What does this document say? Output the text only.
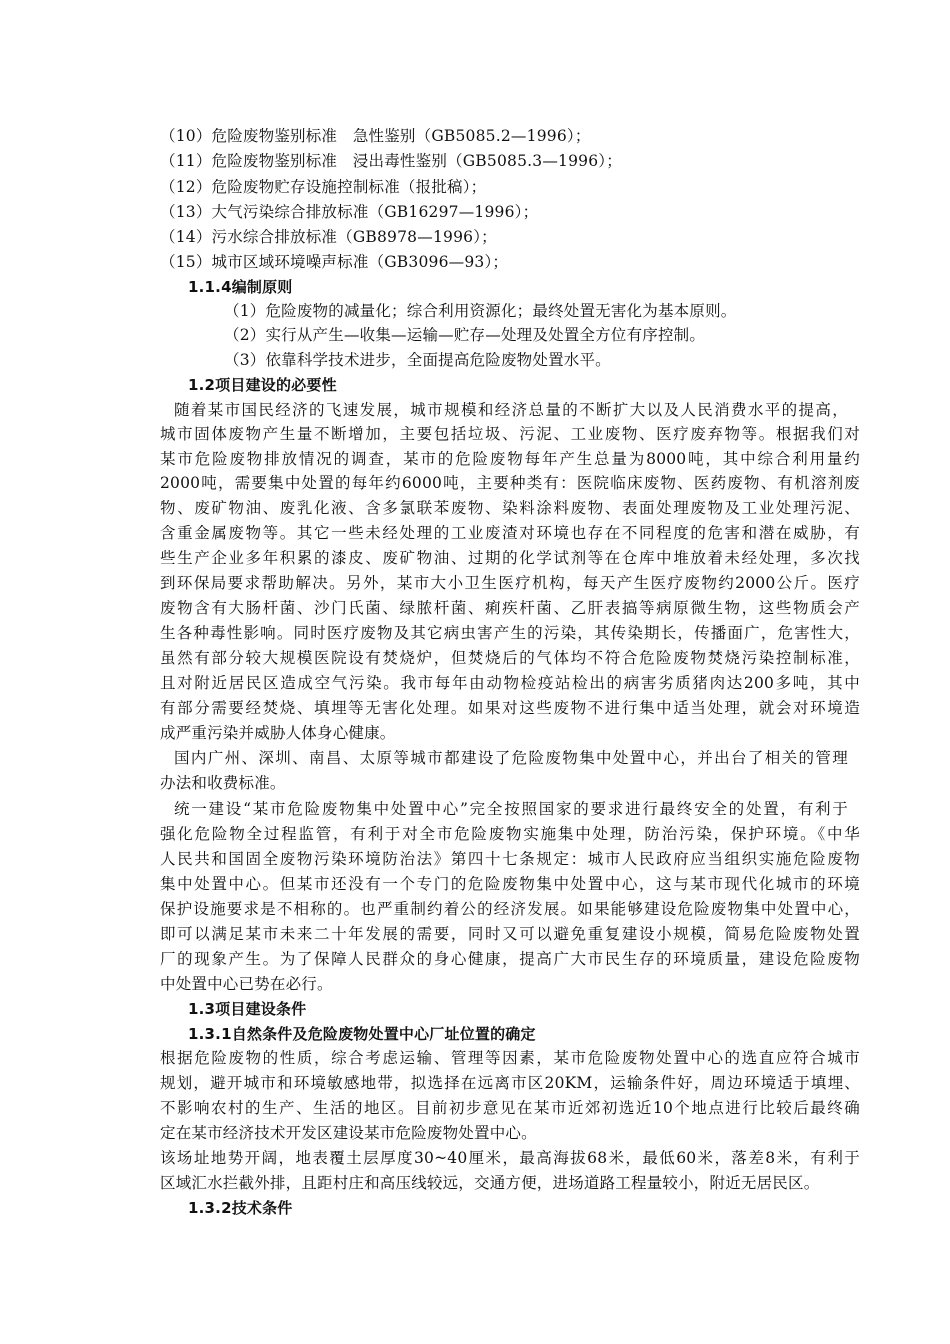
（10）危险废物鉴别标准　急性鉴别（GB5085.2—1996）；
（11）危险废物鉴别标准　浸出毒性鉴别（GB5085.3—1996）；
（12）危险废物贮存设施控制标准（报批稿）；
（13）大气污染综合排放标准（GB16297—1996）；
（14）污水综合排放标准（GB8978—1996）；
（15）城市区域环境噪声标准（GB3096—93）；
1.1.4编制原则
（1）危险废物的减量化；综合利用资源化；最终处置无害化为基本原则。
（2）实行从产生—收集—运输—贮存—处理及处置全方位有序控制。
（3）依靠科学技术进步，全面提高危险废物处置水平。
1.2项目建设的必要性
随着某市国民经济的飞速发展，城市规模和经济总量的不断扩大以及人民消费水平的提高，
城市固体废物产生量不断增加，主要包括垃圾、污泥、工业废物、医疗废弃物等。根据我们对
某市危险废物排放情况的调查，某市的危险废物每年产生总量为8000吨，其中综合利用量约
2000吨，需要集中处置的每年约6000吨，主要种类有：医院临床废物、医药废物、有机溶剂废
物、废矿物油、废乳化液、含多氯联苯废物、染料涂料废物、表面处理废物及工业处理污泥、
含重金属废物等。其它一些未经处理的工业废渣对环境也存在不同程度的危害和潜在威胁，有
些生产企业多年积累的漆皮、废矿物油、过期的化学试剂等在仓库中堆放着未经处理，多次找
到环保局要求帮助解决。另外，某市大小卫生医疗机构，每天产生医疗废物约2000公斤。医疗
废物含有大肠杆菌、沙门氏菌、绿脓杆菌、痢疾杆菌、乙肝表搞等病原微生物，这些物质会产
生各种毒性影响。同时医疗废物及其它病虫害产生的污染，其传染期长，传播面广，危害性大，
虽然有部分较大规模医院设有焚烧炉，但焚烧后的气体均不符合危险废物焚烧污染控制标准，
且对附近居民区造成空气污染。我市每年由动物检疫站检出的病害劣质猪肉达200多吨，其中
有部分需要经焚烧、填埋等无害化处理。如果对这些废物不进行集中适当处理，就会对环境造
成严重污染并威胁人体身心健康。
国内广州、深圳、南昌、太原等城市都建设了危险废物集中处置中心，并出台了相关的管理
办法和收费标准。
统一建设“某市危险废物集中处置中心”完全按照国家的要求进行最终安全的处置，有利于
强化危险物全过程监管，有利于对全市危险废物实施集中处理，防治污染，保护环境。《中华
人民共和国固全废物污染环境防治法》第四十七条规定：城市人民政府应当组织实施危险废物
集中处置中心。但某市还没有一个专门的危险废物集中处置中心，这与某市现代化城市的环境
保护设施要求是不相称的。也严重制约着公的经济发展。如果能够建设危险废物集中处置中心，
即可以满足某市未来二十年发展的需要，同时又可以避免重复建设小规模，简易危险废物处置
厂的现象产生。为了保障人民群众的身心健康，提高广大市民生存的环境质量，建设危险废物
中处置中心已势在必行。
1.3项目建设条件
1.3.1自然条件及危险废物处置中心厂址位置的确定
根据危险废物的性质，综合考虑运输、管理等因素，某市危险废物处置中心的选直应符合城市
规划，避开城市和环境敏感地带，拟选择在远离市区20KM，运输条件好，周边环境适于填埋、
不影响农村的生产、生活的地区。目前初步意见在某市近郊初选近10个地点进行比较后最终确
定在某市经济技术开发区建设某市危险废物处置中心。
该场址地势开阔，地表覆土层厚度30~40厘米，最高海拔68米，最低60米，落差8米，有利于
区域汇水拦截外排，且距村庄和高压线较远，交通方便，进场道路工程量较小，附近无居民区。
1.3.2技术条件
